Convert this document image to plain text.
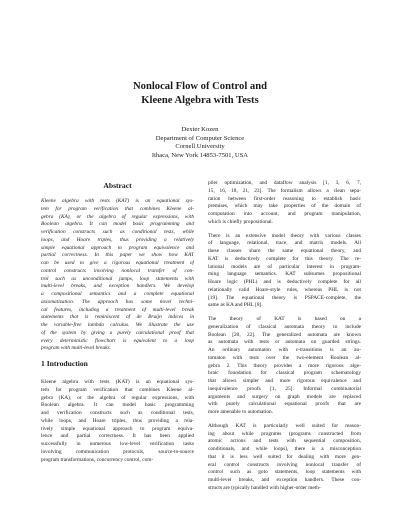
Nonlocal Flow of Control and
Kleene Algebra with Tests
Dexter Kozen
Department of Computer Science
Cornell University
Ithaca, New York 14853-7501, USA
Abstract
Kleene algebra with tests (KAT) is an equational sys-
tem for program verification that combines Kleene al-
gebra (KA), or the algebra of regular expressions, with
Boolean algebra. It can model basic programming and
verification constructs such as conditional tests, while
loops, and Hoare triples, thus providing a relatively
simple equational approach to program equivalence and
partial correctness. In this paper we show how KAT
can be used to give a rigorous equational treatment of
control constructs involving nonlocal transfer of con-
trol such as unconditional jumps, loop statements with
multi-level breaks, and exception handlers. We develop
a compositional semantics and a complete equational
axiomatization. The approach has some novel techni-
cal features, including a treatment of multi-level break
statements that is reminiscent of de Bruijn indices in
the variable-free lambda calculus. We illustrate the use
of the system by giving a purely calculational proof that
every deterministic flowchart is equivalent to a loop
program with multi-level breaks.
1 Introduction
Kleene algebra with tests (KAT) is an equational sys-
tem for program verification that combines Kleene al-
gebra (KA), or the algebra of regular expressions, with
Boolean algebra. It can model basic programming
and verification constructs such as conditional tests,
while loops, and Hoare triples, thus providing a rela-
tively simple equational approach to program equiva-
lence and partial correctness. It has been applied
successfully in numerous low-level verification tasks
involving communication protocols, source-to-source
program transformations, concurrency control, com-
piler optimization, and dataflow analysis [1, 3, 6, 7,
15, 16, 18, 21, 23]. The formalism allows a clean sepa-
ration between first-order reasoning to establish basic
premises, which may take properties of the domain of
computation into account, and program manipulation,
which is chiefly propositional.
There is an extensive model theory with various classes
of language, relational, trace, and matrix models. All
these classes share the same equational theory, and
KAT is deductively complete for this theory. The re-
lational models are of particular interest in program-
ming language semantics. KAT subsumes propositional
Hoare logic (PHL) and is deductively complete for all
relationally valid Hoare-style rules, whereas PHL is not
[19]. The equational theory is PSPACE-complete, the
same as KA and PHL [8].
The theory of KAT is based on a
generalization of classical automata theory to include
Boolean [20, 22]. The generalized automata are known
as automata with tests or automata on guarded strings.
An ordinary automaton with ε-transitions is an au-
tomaton with tests over the two-element Boolean al-
gebra 2. This theory provides a more rigorous alge-
braic foundation for classical program schematology
that allows simpler and more rigorous equivalence and
inequivalence proofs [1, 25]. Informal combinatorial
arguments and surgery on graph models are replaced
with purely calculational equational proofs that are
more amenable to automation.
Although KAT is particularly well suited for reason-
ing about while programs (programs constructed from
atomic actions and tests with sequential composition,
conditionals, and while loops), there is a misconception
that it is less well suited for dealing with more gen-
eral control constructs involving nonlocal transfer of
control such as goto statements, loop statements with
multi-level breaks, and exception handlers. These con-
structs are typically handled with higher-order meth-
